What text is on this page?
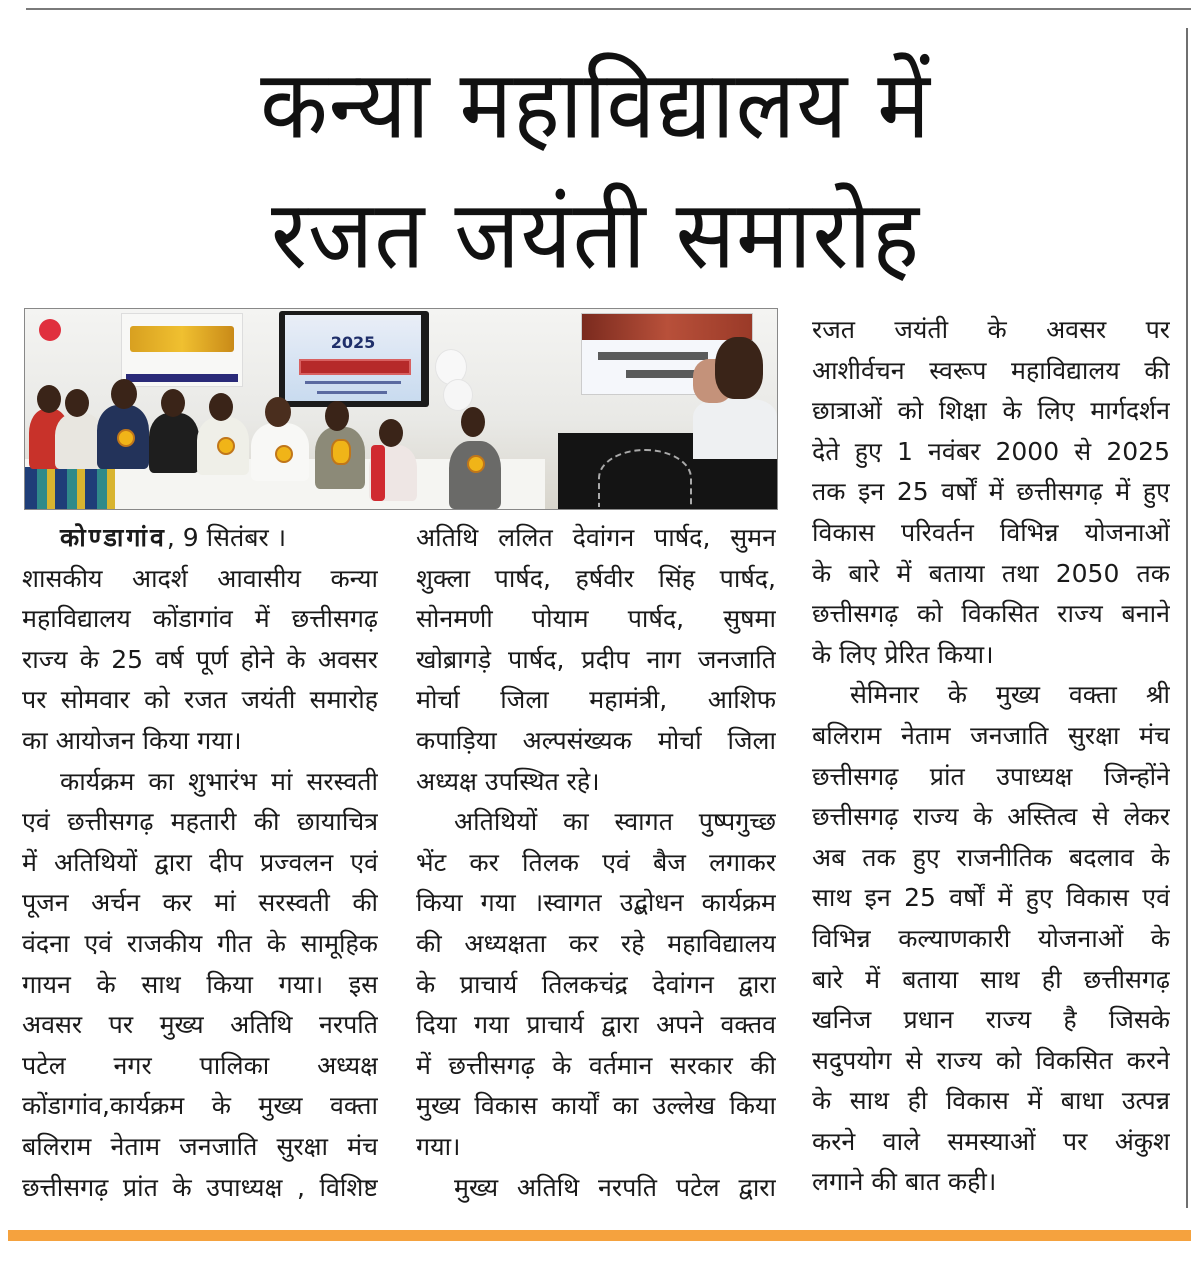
कन्या महाविद्यालय में
रजत जयंती समारोह
2025
कोण्डागांव, 9 सितंबर ।
शासकीय आदर्श आवासीय कन्या
महाविद्यालय कोंडागांव में छत्तीसगढ़
राज्य के 25 वर्ष पूर्ण होने के अवसर
पर सोमवार को रजत जयंती समारोह
का आयोजन किया गया।
कार्यक्रम का शुभारंभ मां सरस्वती
एवं छत्तीसगढ़ महतारी की छायाचित्र
में अतिथियों द्वारा दीप प्रज्वलन एवं
पूजन अर्चन कर मां सरस्वती की
वंदना एवं राजकीय गीत के सामूहिक
गायन के साथ किया गया। इस
अवसर पर मुख्य अतिथि नरपति
पटेल नगर पालिका अध्यक्ष
कोंडागांव,कार्यक्रम के मुख्य वक्ता
बलिराम नेताम जनजाति सुरक्षा मंच
छत्तीसगढ़ प्रांत के उपाध्यक्ष , विशिष्ट
अतिथि ललित देवांगन पार्षद, सुमन
शुक्ला पार्षद, हर्षवीर सिंह पार्षद,
सोनमणी पोयाम पार्षद, सुषमा
खोब्रागड़े पार्षद, प्रदीप नाग जनजाति
मोर्चा जिला महामंत्री, आशिफ
कपाड़िया अल्पसंख्यक मोर्चा जिला
अध्यक्ष उपस्थित रहे।
अतिथियों का स्वागत पुष्पगुच्छ
भेंट कर तिलक एवं बैज लगाकर
किया गया ।स्वागत उद्बोधन कार्यक्रम
की अध्यक्षता कर रहे महाविद्यालय
के प्राचार्य तिलकचंद्र देवांगन द्वारा
दिया गया प्राचार्य द्वारा अपने वक्तव
में छत्तीसगढ़ के वर्तमान सरकार की
मुख्य विकास कार्यों का उल्लेख किया
गया।
मुख्य अतिथि नरपति पटेल द्वारा
रजत जयंती के अवसर पर
आशीर्वचन स्वरूप महाविद्यालय की
छात्राओं को शिक्षा के लिए मार्गदर्शन
देते हुए 1 नवंबर 2000 से 2025
तक इन 25 वर्षों में छत्तीसगढ़ में हुए
विकास परिवर्तन विभिन्न योजनाओं
के बारे में बताया तथा 2050 तक
छत्तीसगढ़ को विकसित राज्य बनाने
के लिए प्रेरित किया।
सेमिनार के मुख्य वक्ता श्री
बलिराम नेताम जनजाति सुरक्षा मंच
छत्तीसगढ़ प्रांत उपाध्यक्ष जिन्होंने
छत्तीसगढ़ राज्य के अस्तित्व से लेकर
अब तक हुए राजनीतिक बदलाव के
साथ इन 25 वर्षों में हुए विकास एवं
विभिन्न कल्याणकारी योजनाओं के
बारे में बताया साथ ही छत्तीसगढ़
खनिज प्रधान राज्य है जिसके
सदुपयोग से राज्य को विकसित करने
के साथ ही विकास में बाधा उत्पन्न
करने वाले समस्याओं पर अंकुश
लगाने की बात कही।
